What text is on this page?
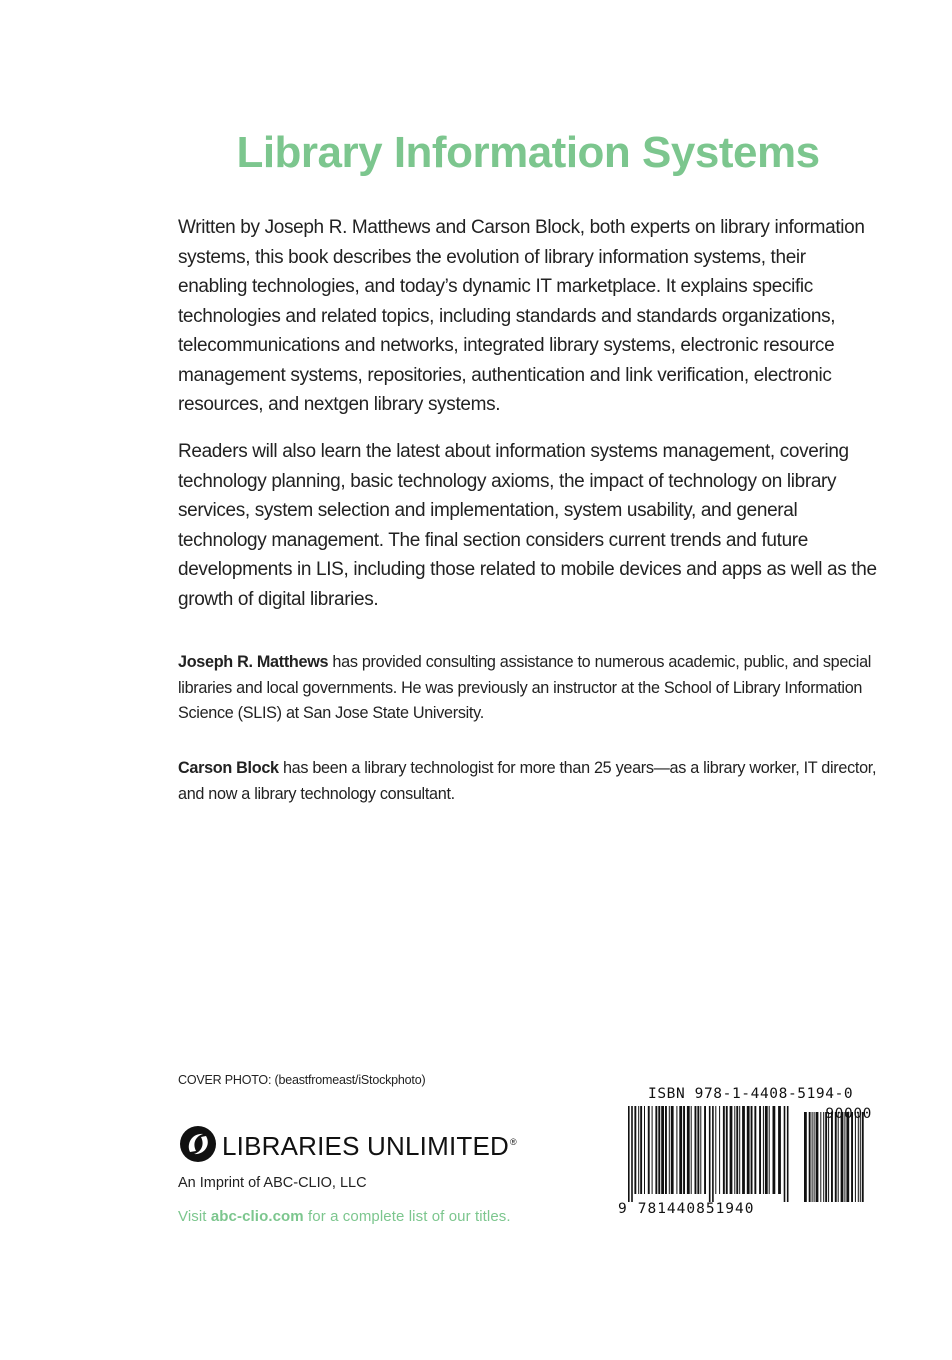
Library Information Systems

Written by Joseph R. Matthews and Carson Block, both experts on library information systems, this book describes the evolution of library information systems, their enabling technologies, and today’s dynamic IT marketplace. It explains specific technologies and related topics, including standards and standards organizations, telecommunications and networks, integrated library systems, electronic resource management systems, repositories, authentication and link verification, electronic resources, and nextgen library systems.

Readers will also learn the latest about information systems management, covering technology planning, basic technology axioms, the impact of technology on library services, system selection and implementation, system usability, and general technology management. The final section considers current trends and future developments in LIS, including those related to mobile devices and apps as well as the growth of digital libraries.

Joseph R. Matthews has provided consulting assistance to numerous academic, public, and special libraries and local governments. He was previously an instructor at the School of Library Information Science (SLIS) at San Jose State University.

Carson Block has been a library technologist for more than 25 years—as a library worker, IT director, and now a library technology consultant.

COVER PHOTO: (beastfromeast/iStockphoto)
LIBRARIES UNLIMITED®
An Imprint of ABC-CLIO, LLC
Visit abc-clio.com for a complete list of our titles.
ISBN 978-1-4408-5194-0
90000
9 781440851940
